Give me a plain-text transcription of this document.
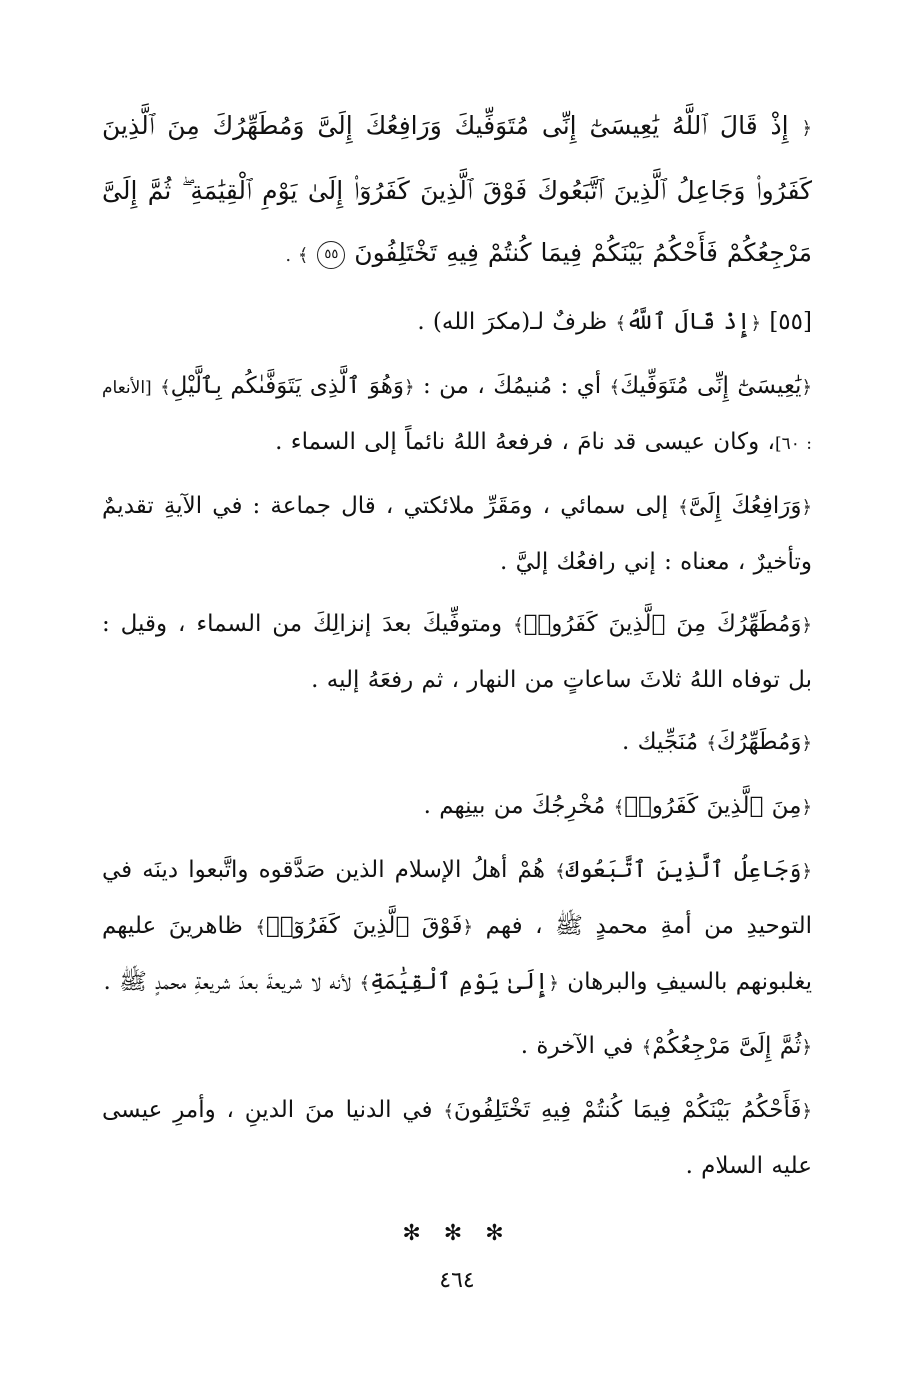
﴿ إِذْ قَالَ ٱللَّهُ يَٰعِيسَىٰٓ إِنِّى مُتَوَفِّيكَ وَرَافِعُكَ إِلَىَّ وَمُطَهِّرُكَ مِنَ ٱلَّذِينَ كَفَرُوا۟ وَجَاعِلُ ٱلَّذِينَ ٱتَّبَعُوكَ فَوْقَ ٱلَّذِينَ كَفَرُوٓا۟ إِلَىٰ يَوْمِ ٱلْقِيَٰمَةِ ۖ ثُمَّ إِلَىَّ مَرْجِعُكُمْ فَأَحْكُمُ بَيْنَكُمْ فِيمَا كُنتُمْ فِيهِ تَخْتَلِفُونَ ٥٥ ﴾ .

[٥٥] ﴿إِذْ قَالَ ٱللَّهُ﴾ ظرفٌ لـ(مكرَ الله) .

﴿يَٰعِيسَىٰٓ إِنِّى مُتَوَفِّيكَ﴾ أي : مُنيمُكَ ، من : ﴿وَهُوَ ٱلَّذِى يَتَوَفَّىٰكُم بِٱلَّيْلِ﴾ [الأنعام : ٦٠]، وكان عيسى قد نامَ ، فرفعهُ اللهُ نائماً إلى السماء .

﴿وَرَافِعُكَ إِلَىَّ﴾ إلى سمائي ، ومَقَرِّ ملائكتي ، قال جماعة : في الآيةِ تقديمٌ وتأخيرٌ ، معناه : إني رافعُك إليَّ .

﴿وَمُطَهِّرُكَ مِنَ ٱلَّذِينَ كَفَرُوا۟﴾ ومتوفِّيكَ بعدَ إنزالِكَ من السماء ، وقيل : بل توفاه اللهُ ثلاثَ ساعاتٍ من النهار ، ثم رفعَهُ إليه .

﴿وَمُطَهِّرُكَ﴾ مُنَجِّيك .

﴿مِنَ ٱلَّذِينَ كَفَرُوا۟﴾ مُخْرِجُكَ من بينِهم .

﴿وَجَاعِلُ ٱلَّذِينَ ٱتَّبَعُوكَ﴾ هُمْ أهلُ الإسلام الذين صَدَّقوه واتَّبعوا دينَه في التوحيدِ من أمةِ محمدٍ ﷺ ، فهم ﴿فَوْقَ ٱلَّذِينَ كَفَرُوٓا۟﴾ ظاهرينَ عليهم يغلبونهم بالسيفِ والبرهان ﴿إِلَىٰ يَوْمِ ٱلْقِيَٰمَةِ﴾ لأنه لا شريعةَ بعدَ شريعةِ محمدٍ ﷺ .

﴿ثُمَّ إِلَىَّ مَرْجِعُكُمْ﴾ في الآخرة .

﴿فَأَحْكُمُ بَيْنَكُمْ فِيمَا كُنتُمْ فِيهِ تَخْتَلِفُونَ﴾ في الدنيا منَ الدينِ ، وأمرِ عيسى عليه السلام .

✻ ✻ ✻
٤٦٤
